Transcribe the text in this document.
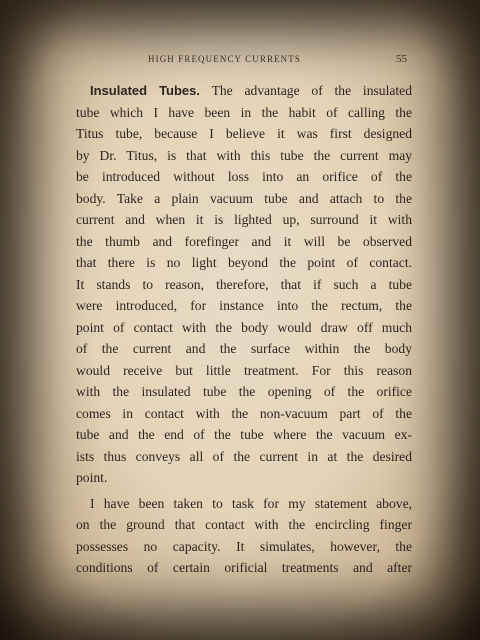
HIGH FREQUENCY CURRENTS	55
Insulated Tubes. The advantage of the insulated
tube which I have been in the habit of calling the
Titus tube, because I believe it was first designed
by Dr. Titus, is that with this tube the current may
be introduced without loss into an orifice of the
body. Take a plain vacuum tube and attach to the
current and when it is lighted up, surround it with
the thumb and forefinger and it will be observed
that there is no light beyond the point of contact.
It stands to reason, therefore, that if such a tube
were introduced, for instance into the rectum, the
point of contact with the body would draw off much
of the current and the surface within the body
would receive but little treatment. For this reason
with the insulated tube the opening of the orifice
comes in contact with the non-vacuum part of the
tube and the end of the tube where the vacuum ex-
ists thus conveys all of the current in at the desired
point.
I have been taken to task for my statement above,
on the ground that contact with the encircling finger
possesses no capacity. It simulates, however, the
conditions of certain orificial treatments and after
